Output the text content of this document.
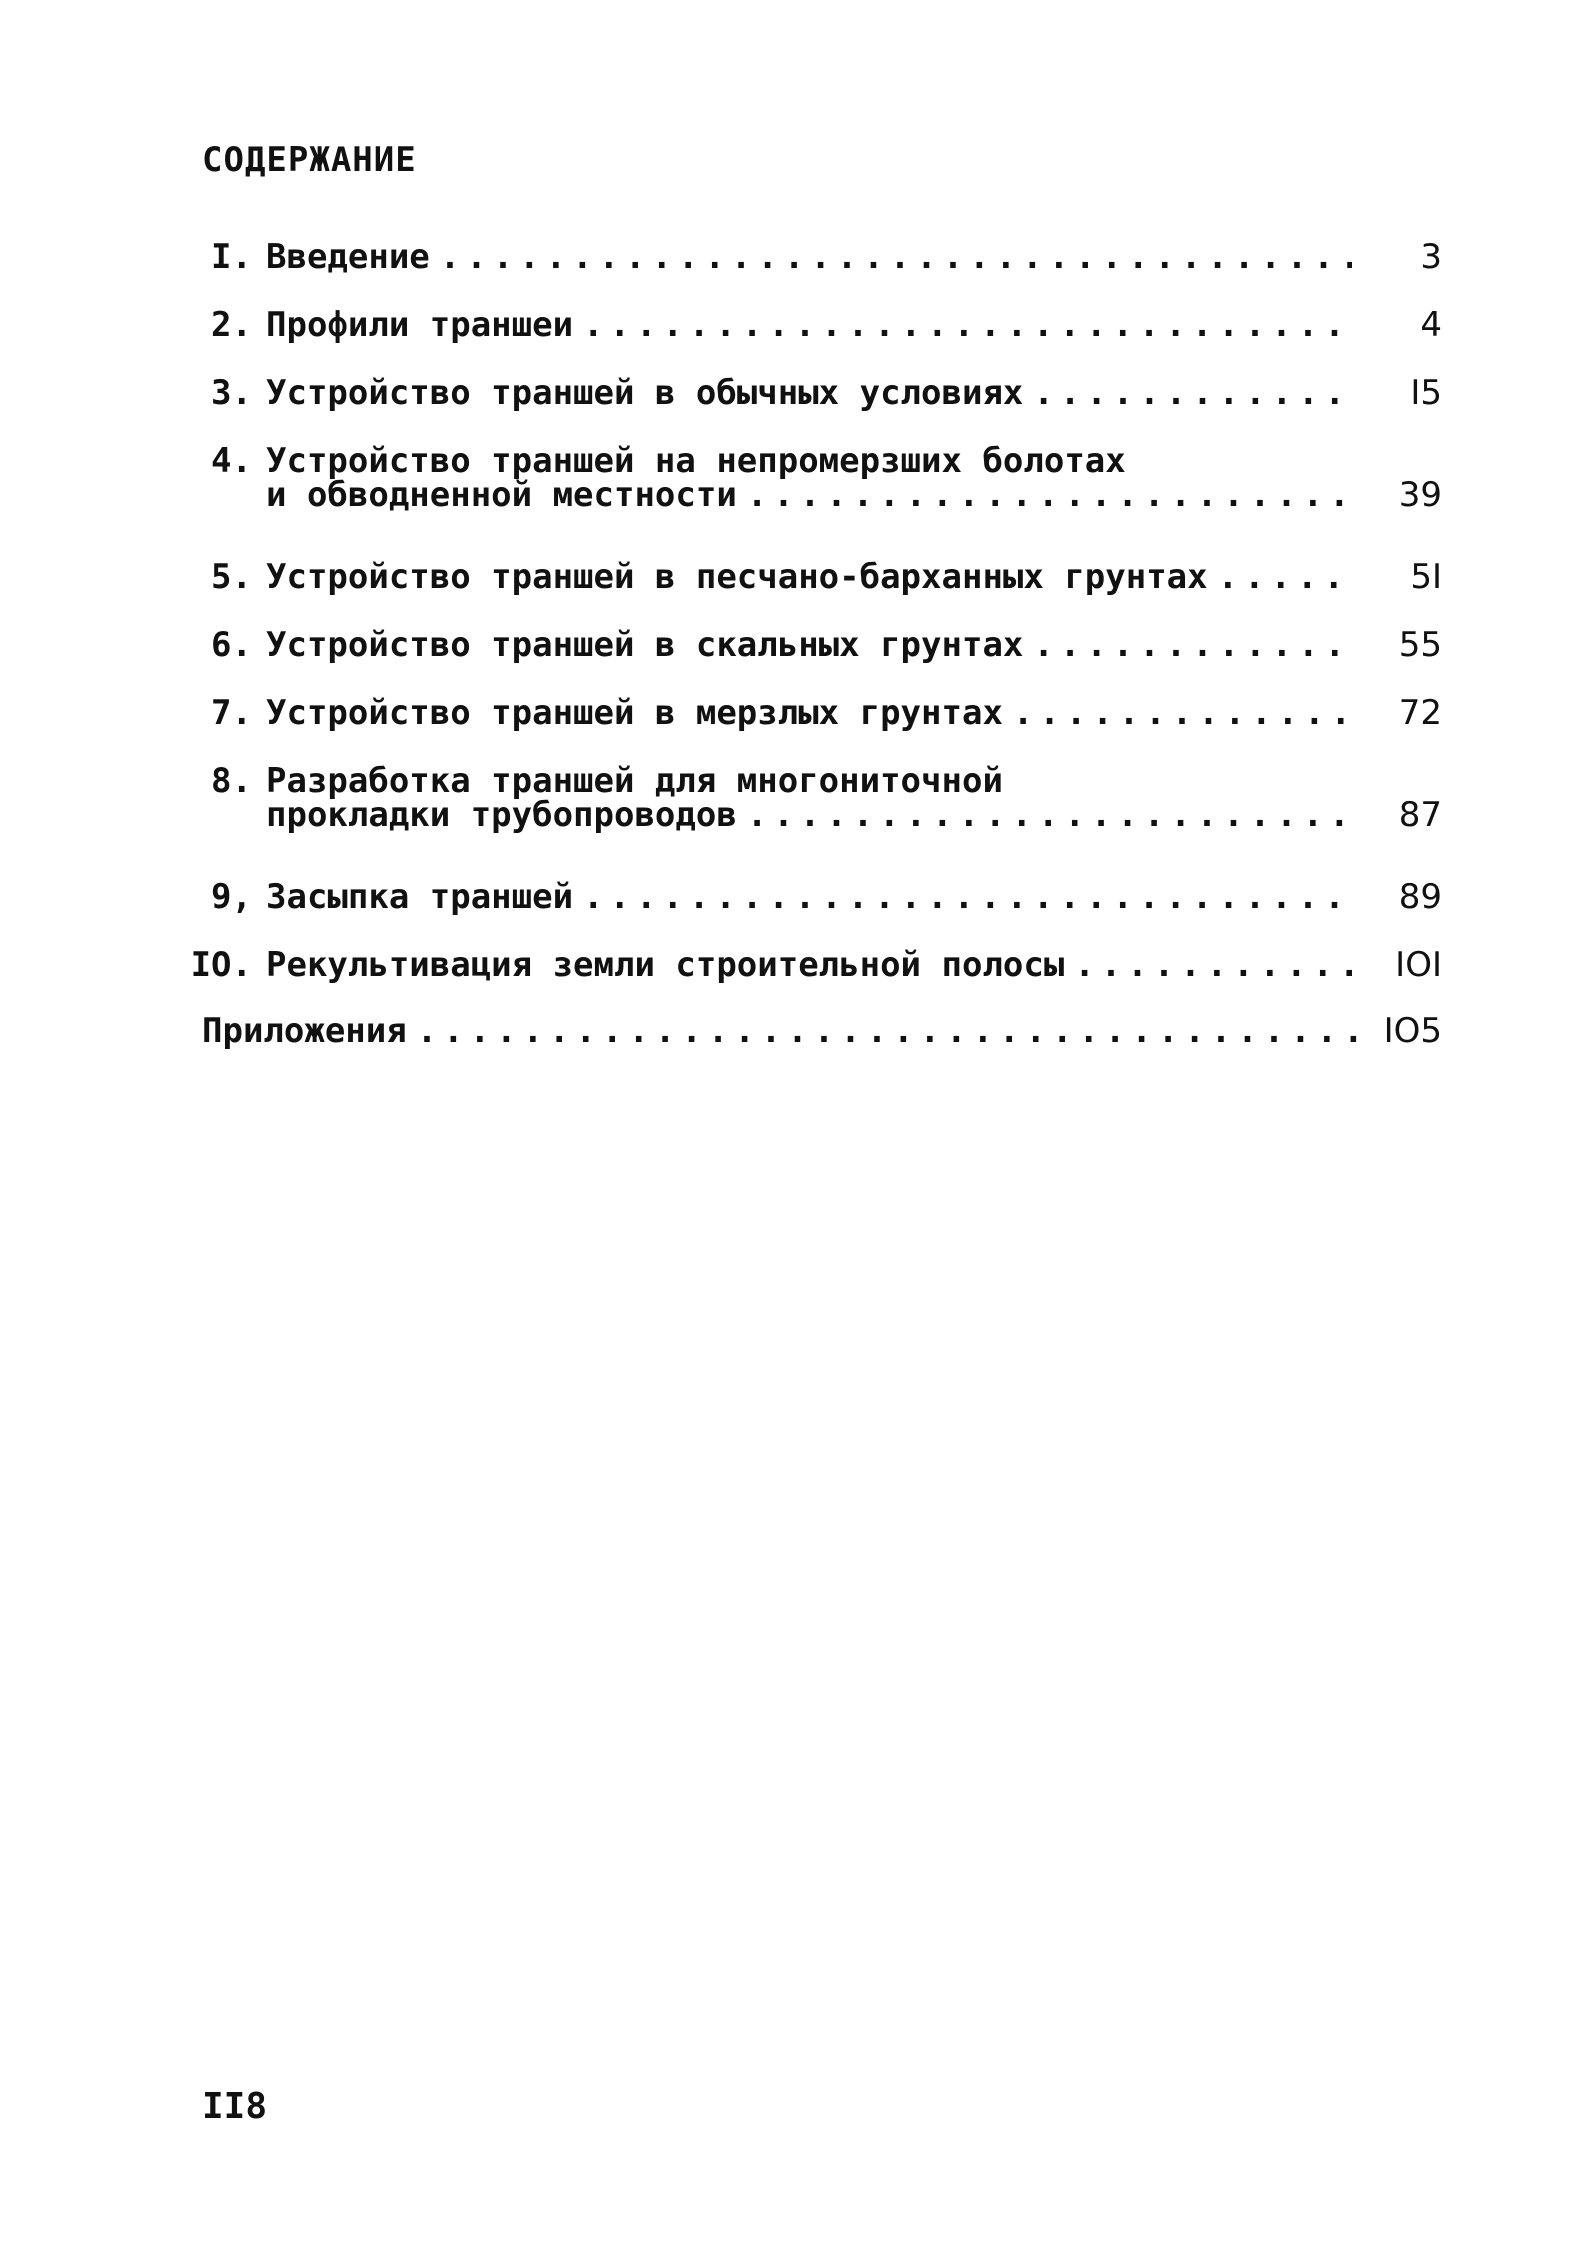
СОДЕРЖАНИЕ
I. Введение .....	3
2. Профили траншеи .....	4
3. Устройство траншей в обычных условиях .....	I5
4. Устройство траншей на непромерзших болотах
и обводненной местности .....	39
5. Устройство траншей в песчано-барханных грунтах .....	5I
6. Устройство траншей в скальных грунтах .....	55
7. Устройство траншей в мерзлых грунтах .....	72
8. Разработка траншей для многониточной
прокладки трубопроводов .....	87
9, Засыпка траншей .....	89
IO. Рекультивация земли строительной полосы .....	IOI
Приложения .....	IO5
II8
